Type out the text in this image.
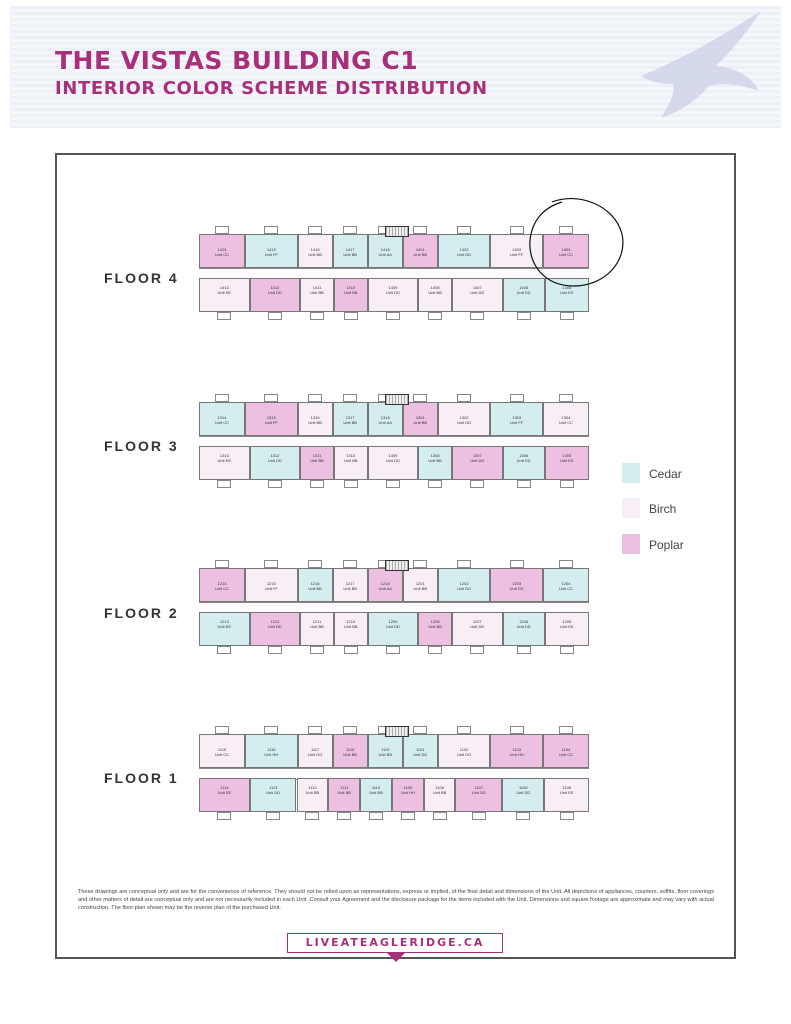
THE VISTAS BUILDING C1
INTERIOR COLOR SCHEME DISTRIBUTION
FLOOR 4
FLOOR 3
FLOOR 2
FLOOR 1
1414
Unit CC
1415
Unit FF
1416
Unit BB
1417
Unit BB
1418
Unit AA
1401
Unit BB
1402
Unit DD
1403
Unit FF
1404
Unit CC
1413
Unit EE
1412
Unit DD
1411
Unit BB
1410
Unit BB
1409
Unit DD
1408
Unit BB
1407
Unit DD
1406
Unit DD
1405
Unit EE
1314
Unit CC
1315
Unit FF
1316
Unit BB
1317
Unit BB
1318
Unit AA
1301
Unit BB
1302
Unit DD
1303
Unit FF
1304
Unit CC
1313
Unit EE
1312
Unit DD
1311
Unit BB
1310
Unit BB
1309
Unit DD
1308
Unit BB
1307
Unit DD
1306
Unit DD
1305
Unit EE
1214
Unit CC
1215
Unit FF
1216
Unit BB
1217
Unit BB
1218
Unit AA
1201
Unit BB
1202
Unit DD
1203
Unit DD
1204
Unit CC
1213
Unit EE
1212
Unit DD
1211
Unit BB
1210
Unit BB
1209
Unit DD
1208
Unit BB
1207
Unit DD
1206
Unit DD
1205
Unit EE
1115
Unit CC
1116
Unit HH
1117
Unit GG
1118
Unit BB
1119
Unit BB
1101
Unit DD
1102
Unit GG
1103
Unit HH
1104
Unit CC
1114
Unit EE
1113
Unit DD
1112
Unit BB
1111
Unit BB
1110
Unit BB
1109
Unit HH
1108
Unit BB
1107
Unit DD
1106
Unit DD
1105
Unit EE
Cedar
Birch
Poplar
These drawings are conceptual only and are for the convenience of reference. They should not be relied upon as representations, express or implied, of the final detail and dimensions of the Unit. All depictions of appliances, counters, soffits, floor coverings and other matters of detail are conceptual only and are not necessarily included in each Unit. Consult your Agreement and the disclosure package for the items included with the Unit. Dimensions and square footage are approximate and may vary with actual construction. The floor plan shown may be the reverse plan of the purchased Unit.
LIVEATEAGLERIDGE.CA
